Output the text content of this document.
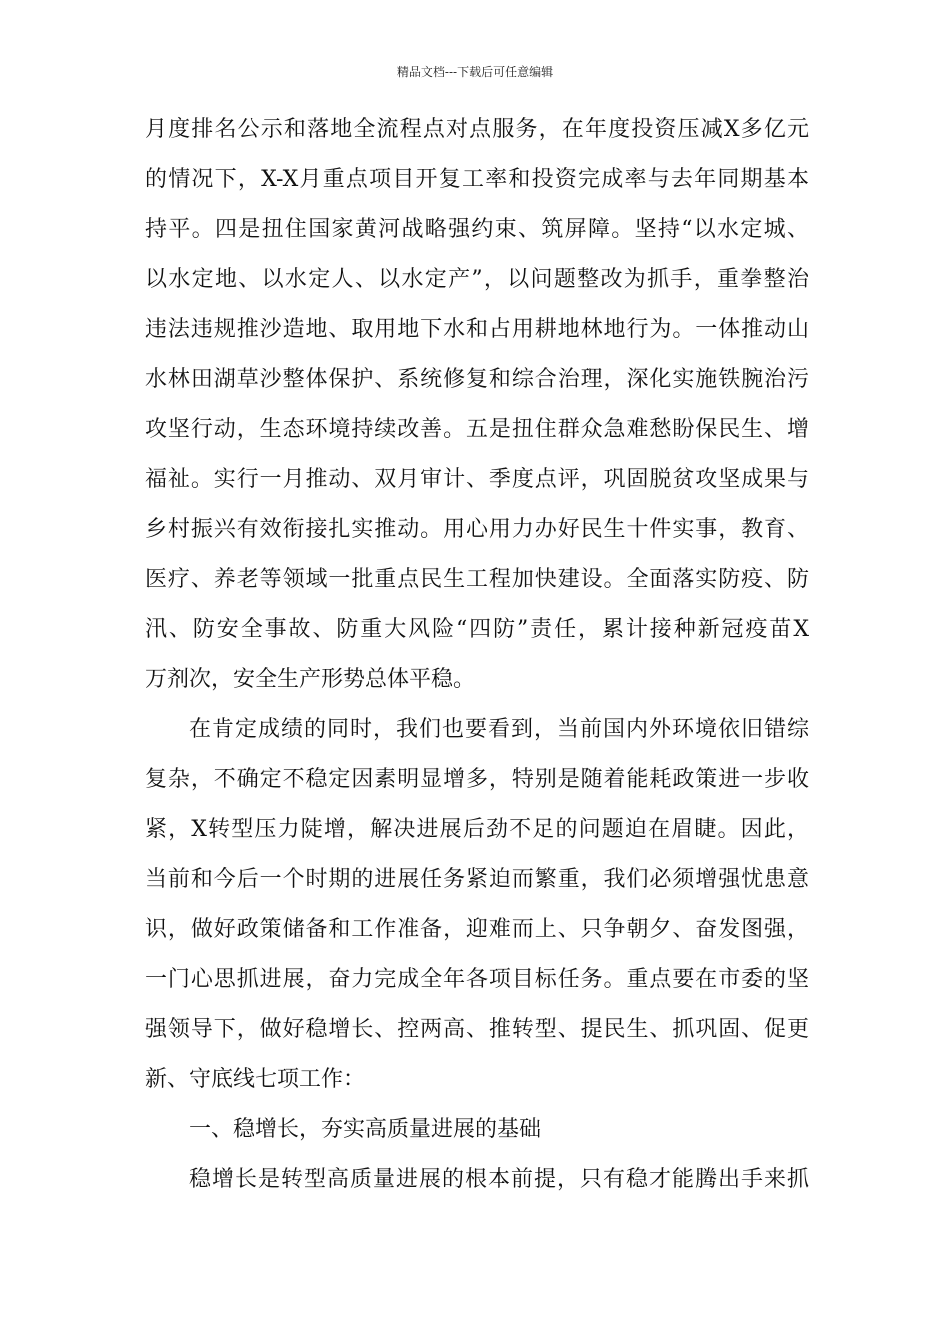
精品文档---下载后可任意编辑
月度排名公示和落地全流程点对点服务，在年度投资压减X多亿元
的情况下，X-X月重点项目开复工率和投资完成率与去年同期基本
持平。四是扭住国家黄河战略强约束、筑屏障。坚持“以水定城、
以水定地、以水定人、以水定产”，以问题整改为抓手，重拳整治
违法违规推沙造地、取用地下水和占用耕地林地行为。一体推动山
水林田湖草沙整体保护、系统修复和综合治理，深化实施铁腕治污
攻坚行动，生态环境持续改善。五是扭住群众急难愁盼保民生、增
福祉。实行一月推动、双月审计、季度点评，巩固脱贫攻坚成果与
乡村振兴有效衔接扎实推动。用心用力办好民生十件实事，教育、
医疗、养老等领域一批重点民生工程加快建设。全面落实防疫、防
汛、防安全事故、防重大风险“四防”责任，累计接种新冠疫苗X
万剂次，安全生产形势总体平稳。
在肯定成绩的同时，我们也要看到，当前国内外环境依旧错综
复杂，不确定不稳定因素明显增多，特别是随着能耗政策进一步收
紧，X转型压力陡增，解决进展后劲不足的问题迫在眉睫。因此，
当前和今后一个时期的进展任务紧迫而繁重，我们必须增强忧患意
识，做好政策储备和工作准备，迎难而上、只争朝夕、奋发图强，
一门心思抓进展，奋力完成全年各项目标任务。重点要在市委的坚
强领导下，做好稳增长、控两高、推转型、提民生、抓巩固、促更
新、守底线七项工作：
一、稳增长，夯实高质量进展的基础
稳增长是转型高质量进展的根本前提，只有稳才能腾出手来抓
